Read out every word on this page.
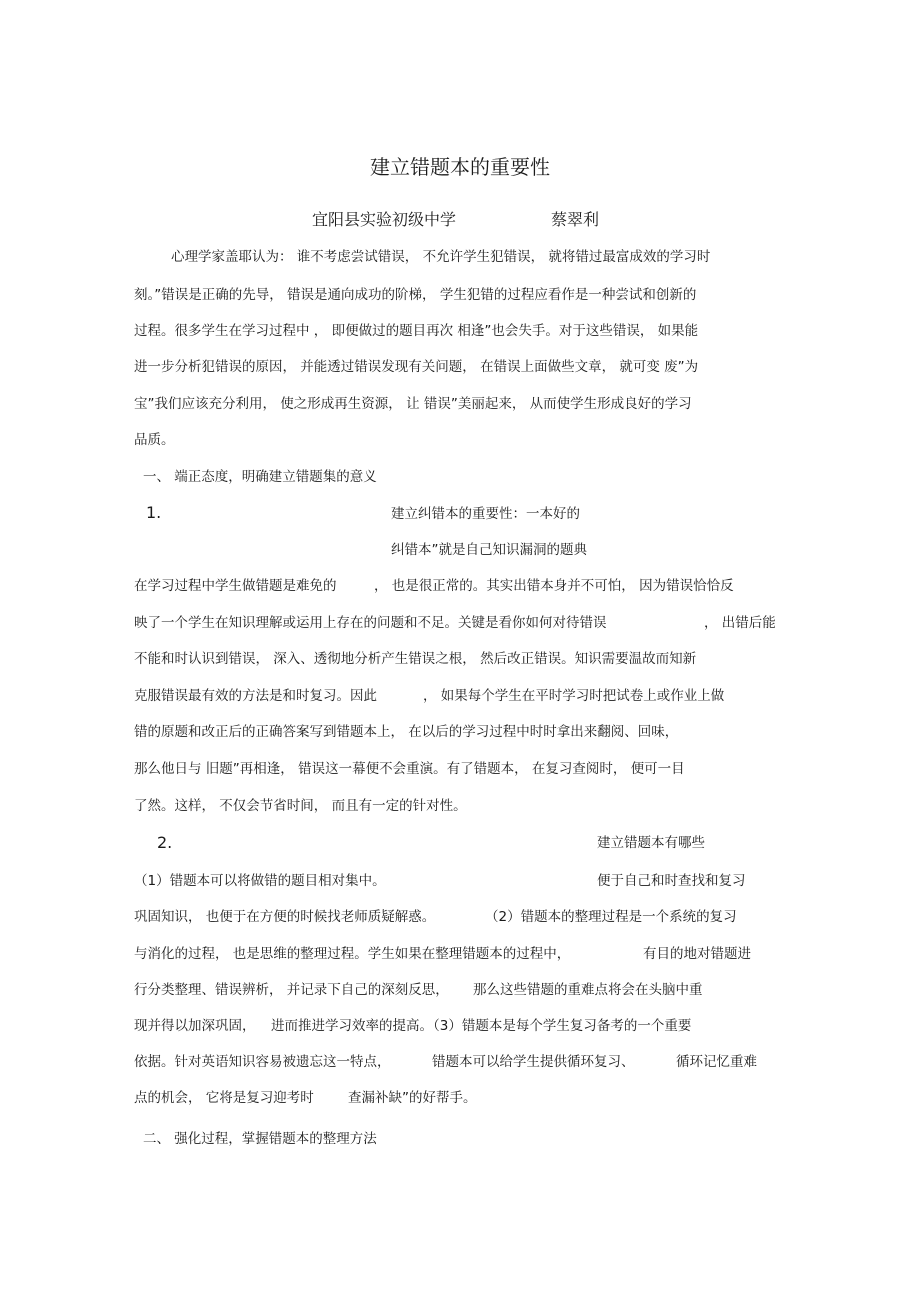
建立错题本的重要性
宜阳县实验初级中学	蔡翠利
心理学家盖耶认为： 谁不考虑尝试错误， 不允许学生犯错误， 就将错过最富成效的学习时
刻。”错误是正确的先导， 错误是通向成功的阶梯， 学生犯错的过程应看作是一种尝试和创新的
过程。很多学生在学习过程中 ， 即便做过的题目再次 相逢”也会失手。对于这些错误， 如果能
进一步分析犯错误的原因， 并能透过错误发现有关问题， 在错误上面做些文章， 就可变 废”为
宝”我们应该充分利用， 使之形成再生资源， 让 错误”美丽起来， 从而使学生形成良好的学习
品质。
一、 端正态度，明确建立错题集的意义
1.	建立纠错本的重要性：一本好的
纠错本”就是自己知识漏洞的题典
在学习过程中学生做错题是难免的	， 也是很正常的。其实出错本身并不可怕， 因为错误恰恰反
映了一个学生在知识理解或运用上存在的问题和不足。关键是看你如何对待错误	， 出错后能
不能和时认识到错误， 深入、透彻地分析产生错误之根， 然后改正错误。知识需要温故而知新
克服错误最有效的方法是和时复习。因此	， 如果每个学生在平时学习时把试卷上或作业上做
错的原题和改正后的正确答案写到错题本上， 在以后的学习过程中时时拿出来翻阅、回味，
那么他日与 旧题”再相逢， 错误这一幕便不会重演。有了错题本， 在复习查阅时， 便可一目
了然。这样， 不仅会节省时间， 而且有一定的针对性。
2.	建立错题本有哪些
（1）错题本可以将做错的题目相对集中。	便于自己和时查找和复习
巩固知识， 也便于在方便的时候找老师质疑解惑。	（2）错题本的整理过程是一个系统的复习
与消化的过程， 也是思维的整理过程。学生如果在整理错题本的过程中，	有目的地对错题进
行分类整理、错误辨析， 并记录下自己的深刻反思， 那么这些错题的重难点将会在头脑中重
现并得以加深巩固， 进而推进学习效率的提高。（3）错题本是每个学生复习备考的一个重要
依据。针对英语知识容易被遗忘这一特点，	错题本可以给学生提供循环复习、	循环记忆重难
点的机会， 它将是复习迎考时	查漏补缺”的好帮手。
二、 强化过程，掌握错题本的整理方法
